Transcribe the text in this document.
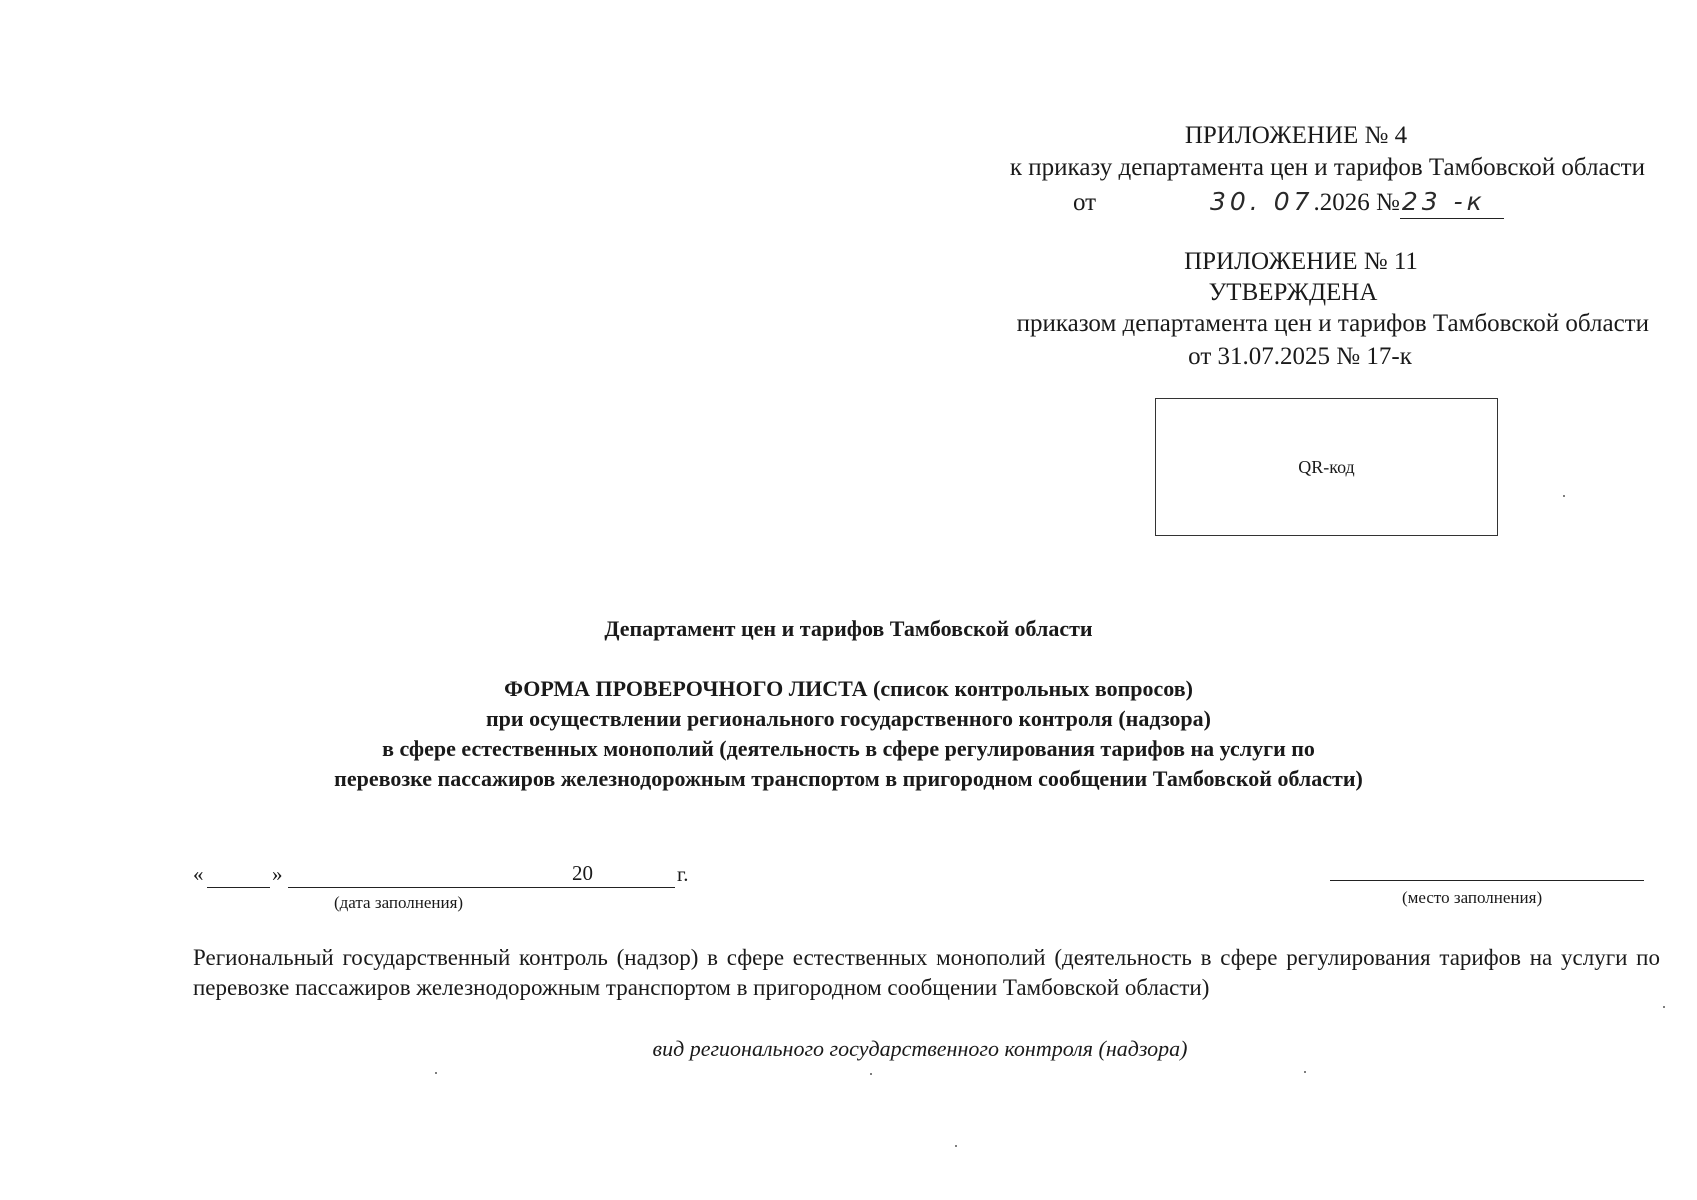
ПРИЛОЖЕНИЕ № 4
к приказу департамента цен и тарифов Тамбовской области
от	30. 07.2026 №23 -к
ПРИЛОЖЕНИЕ № 11
УТВЕРЖДЕНА
приказом департамента цен и тарифов Тамбовской области
от 31.07.2025 № 17-к
QR-код
Департамент цен и тарифов Тамбовской области
ФОРМА ПРОВЕРОЧНОГО ЛИСТА (список контрольных вопросов)
при осуществлении регионального государственного контроля (надзора)
в сфере естественных монополий (деятельность в сфере регулирования тарифов на услуги по
перевозке пассажиров железнодорожным транспортом в пригородном сообщении Тамбовской области)
«	»	20	г.
(дата заполнения)	(место заполнения)
Региональный государственный контроль (надзор) в сфере естественных монополий (деятельность в сфере регулирования тарифов на услуги по перевозке пассажиров железнодорожным транспортом в пригородном сообщении Тамбовской области)
вид регионального государственного контроля (надзора)
